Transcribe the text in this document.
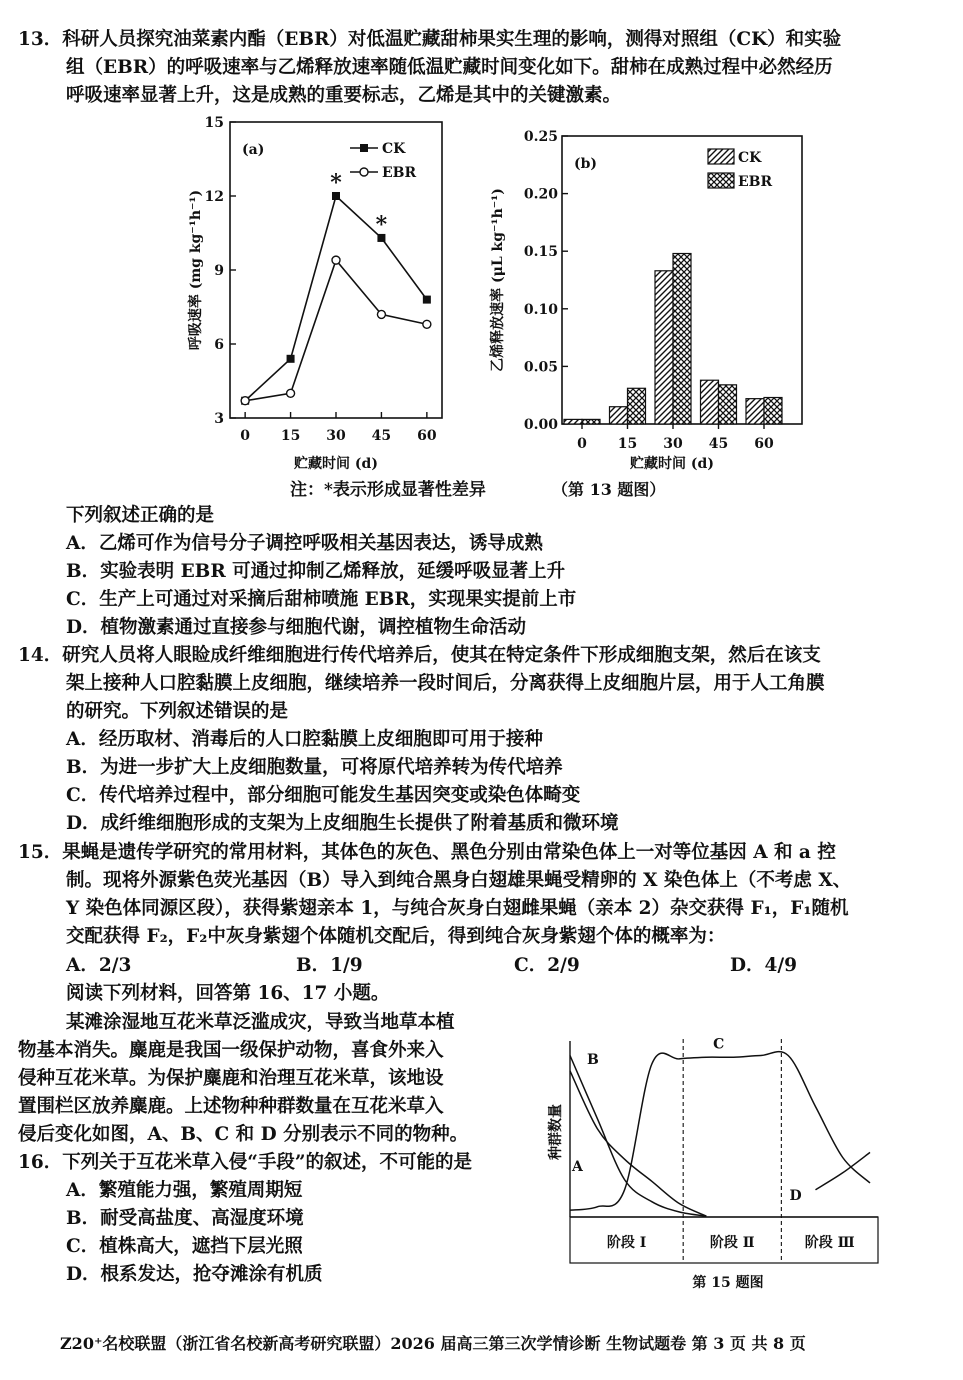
13．科研人员探究油菜素内酯（EBR）对低温贮藏甜柿果实生理的影响，测得对照组（CK）和实验
组（EBR）的呼吸速率与乙烯释放速率随低温贮藏时间变化如下。甜柿在成熟过程中必然经历
呼吸速率显著上升，这是成熟的重要标志，乙烯是其中的关键激素。
3
6
9
12
15
0 15 30 45 60
贮藏时间 (d)
呼吸速率 (mg kg⁻¹h⁻¹)
(a)	CK
EBR
*
*
0.00
0.05
0.10
0.15
0.20
0.25
0 15 30 45 60
贮藏时间 (d)
乙烯释放速率 (μL kg⁻¹h⁻¹)
(b)	CK
EBR
注：*表示形成显著性差异	（第 13 题图）
下列叙述正确的是
A．乙烯可作为信号分子调控呼吸相关基因表达，诱导成熟
B．实验表明 EBR 可通过抑制乙烯释放，延缓呼吸显著上升
C．生产上可通过对采摘后甜柿喷施 EBR，实现果实提前上市
D．植物激素通过直接参与细胞代谢，调控植物生命活动
14．研究人员将人眼睑成纤维细胞进行传代培养后，使其在特定条件下形成细胞支架，然后在该支
架上接种人口腔黏膜上皮细胞，继续培养一段时间后，分离获得上皮细胞片层，用于人工角膜
的研究。下列叙述错误的是
A．经历取材、消毒后的人口腔黏膜上皮细胞即可用于接种
B．为进一步扩大上皮细胞数量，可将原代培养转为传代培养
C．传代培养过程中，部分细胞可能发生基因突变或染色体畸变
D．成纤维细胞形成的支架为上皮细胞生长提供了附着基质和微环境
15．果蝇是遗传学研究的常用材料，其体色的灰色、黑色分别由常染色体上一对等位基因 A 和 a 控
制。现将外源紫色荧光基因（B）导入到纯合黑身白翅雄果蝇受精卵的 X 染色体上（不考虑 X、
Y 染色体同源区段），获得紫翅亲本 1，与纯合灰身白翅雌果蝇（亲本 2）杂交获得 F₁，F₁随机
交配获得 F₂，F₂中灰身紫翅个体随机交配后，得到纯合灰身紫翅个体的概率为：
A．2/3	B．1/9	C．2/9	D．4/9
阅读下列材料，回答第 16、17 小题。
某滩涂湿地互花米草泛滥成灾，导致当地草本植
物基本消失。麋鹿是我国一级保护动物，喜食外来入
侵种互花米草。为保护麋鹿和治理互花米草，该地设
置围栏区放养麋鹿。上述物种种群数量在互花米草入
侵后变化如图，A、B、C 和 D 分别表示不同的物种。
16．下列关于互花米草入侵“手段”的叙述，不可能的是
A．繁殖能力强，繁殖周期短
B．耐受高盐度、高湿度环境
C．植株高大，遮挡下层光照
D．根系发达，抢夺滩涂有机质
阶段 Ⅰ	阶段 Ⅱ	阶段 Ⅲ
种群数量
第 15 题图
A
B
C
D
Z20⁺名校联盟（浙江省名校新高考研究联盟）2026 届高三第三次学情诊断 生物试题卷 第 3 页 共 8 页
